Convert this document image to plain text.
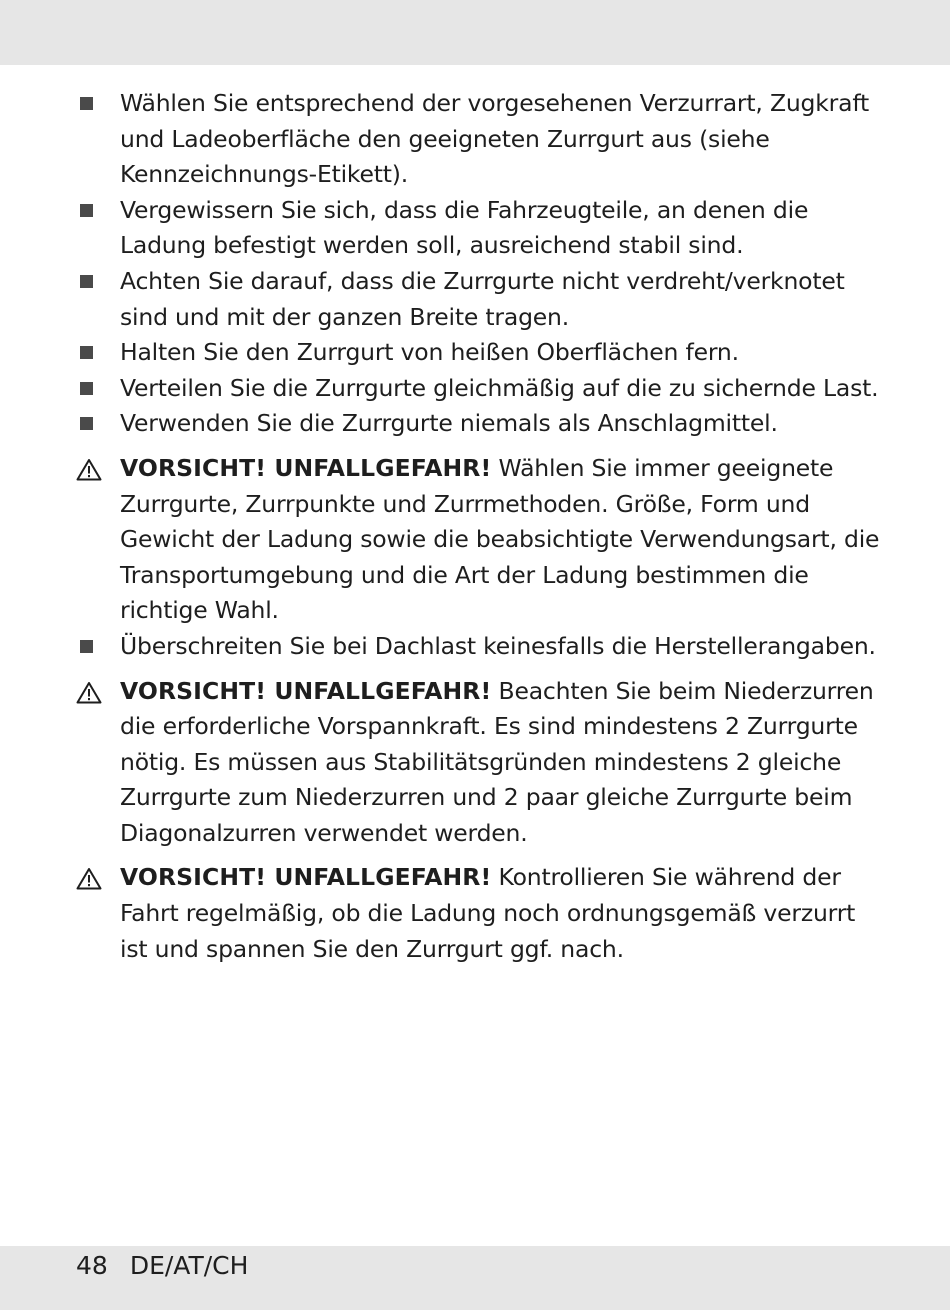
Wählen Sie entsprechend der vorgesehenen Verzurrart, Zugkraft und Ladeoberfläche den geeigneten Zurrgurt aus (siehe Kennzeichnungs-Etikett).
Vergewissern Sie sich, dass die Fahrzeugteile, an denen die Ladung befestigt werden soll, ausreichend stabil sind.
Achten Sie darauf, dass die Zurrgurte nicht verdreht/verknotet sind und mit der ganzen Breite tragen.
Halten Sie den Zurrgurt von heißen Oberflächen fern.
Verteilen Sie die Zurrgurte gleichmäßig auf die zu sichernde Last.
Verwenden Sie die Zurrgurte niemals als Anschlagmittel.
VORSICHT! UNFALLGEFAHR! Wählen Sie immer geeignete Zurrgurte, Zurrpunkte und Zurrmethoden. Größe, Form und Gewicht der Ladung sowie die beabsichtigte Verwendungsart, die Transportumgebung und die Art der Ladung bestimmen die richtige Wahl.
Überschreiten Sie bei Dachlast keinesfalls die Herstellerangaben.
VORSICHT! UNFALLGEFAHR! Beachten Sie beim Niederzurren die erforderliche Vorspannkraft. Es sind mindestens 2 Zurrgurte nötig. Es müssen aus Stabilitätsgründen mindestens 2 gleiche Zurrgurte zum Niederzurren und 2 paar gleiche Zurrgurte beim Diagonalzurren verwendet werden.
VORSICHT! UNFALLGEFAHR! Kontrollieren Sie während der Fahrt regelmäßig, ob die Ladung noch ordnungsgemäß verzurrt ist und spannen Sie den Zurrgurt ggf. nach.
48 DE/AT/CH
